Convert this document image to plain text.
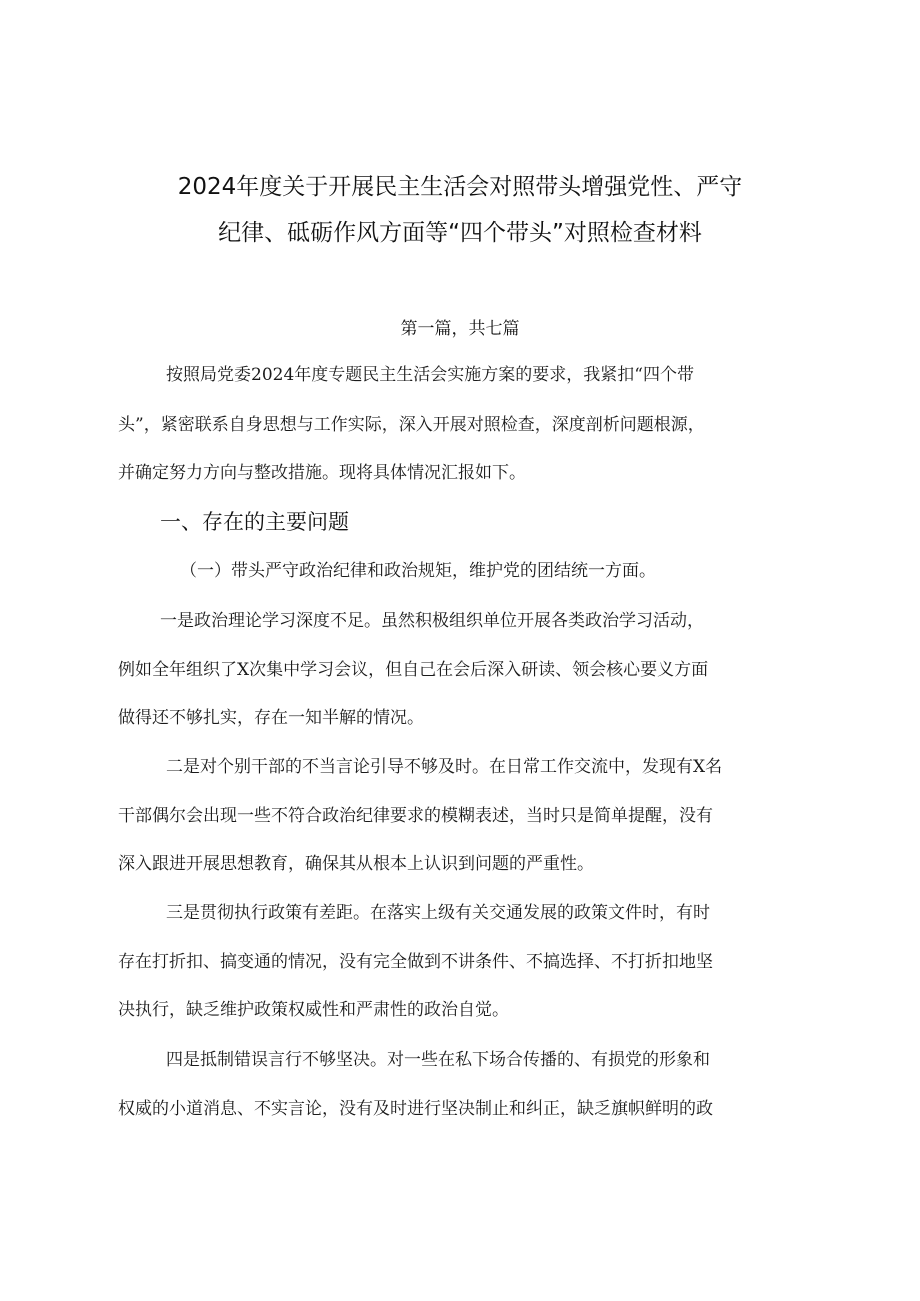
2024年度关于开展民主生活会对照带头增强党性、严守
纪律、砥砺作风方面等“四个带头”对照检查材料
第一篇，共七篇
按照局党委2024年度专题民主生活会实施方案的要求，我紧扣“四个带
头”，紧密联系自身思想与工作实际，深入开展对照检查，深度剖析问题根源，
并确定努力方向与整改措施。现将具体情况汇报如下。
一、存在的主要问题
（一）带头严守政治纪律和政治规矩，维护党的团结统一方面。
一是政治理论学习深度不足。虽然积极组织单位开展各类政治学习活动，
例如全年组织了X次集中学习会议，但自己在会后深入研读、领会核心要义方面
做得还不够扎实，存在一知半解的情况。
二是对个别干部的不当言论引导不够及时。在日常工作交流中，发现有X名
干部偶尔会出现一些不符合政治纪律要求的模糊表述，当时只是简单提醒，没有
深入跟进开展思想教育，确保其从根本上认识到问题的严重性。
三是贯彻执行政策有差距。在落实上级有关交通发展的政策文件时，有时
存在打折扣、搞变通的情况，没有完全做到不讲条件、不搞选择、不打折扣地坚
决执行，缺乏维护政策权威性和严肃性的政治自觉。
四是抵制错误言行不够坚决。对一些在私下场合传播的、有损党的形象和
权威的小道消息、不实言论，没有及时进行坚决制止和纠正，缺乏旗帜鲜明的政
